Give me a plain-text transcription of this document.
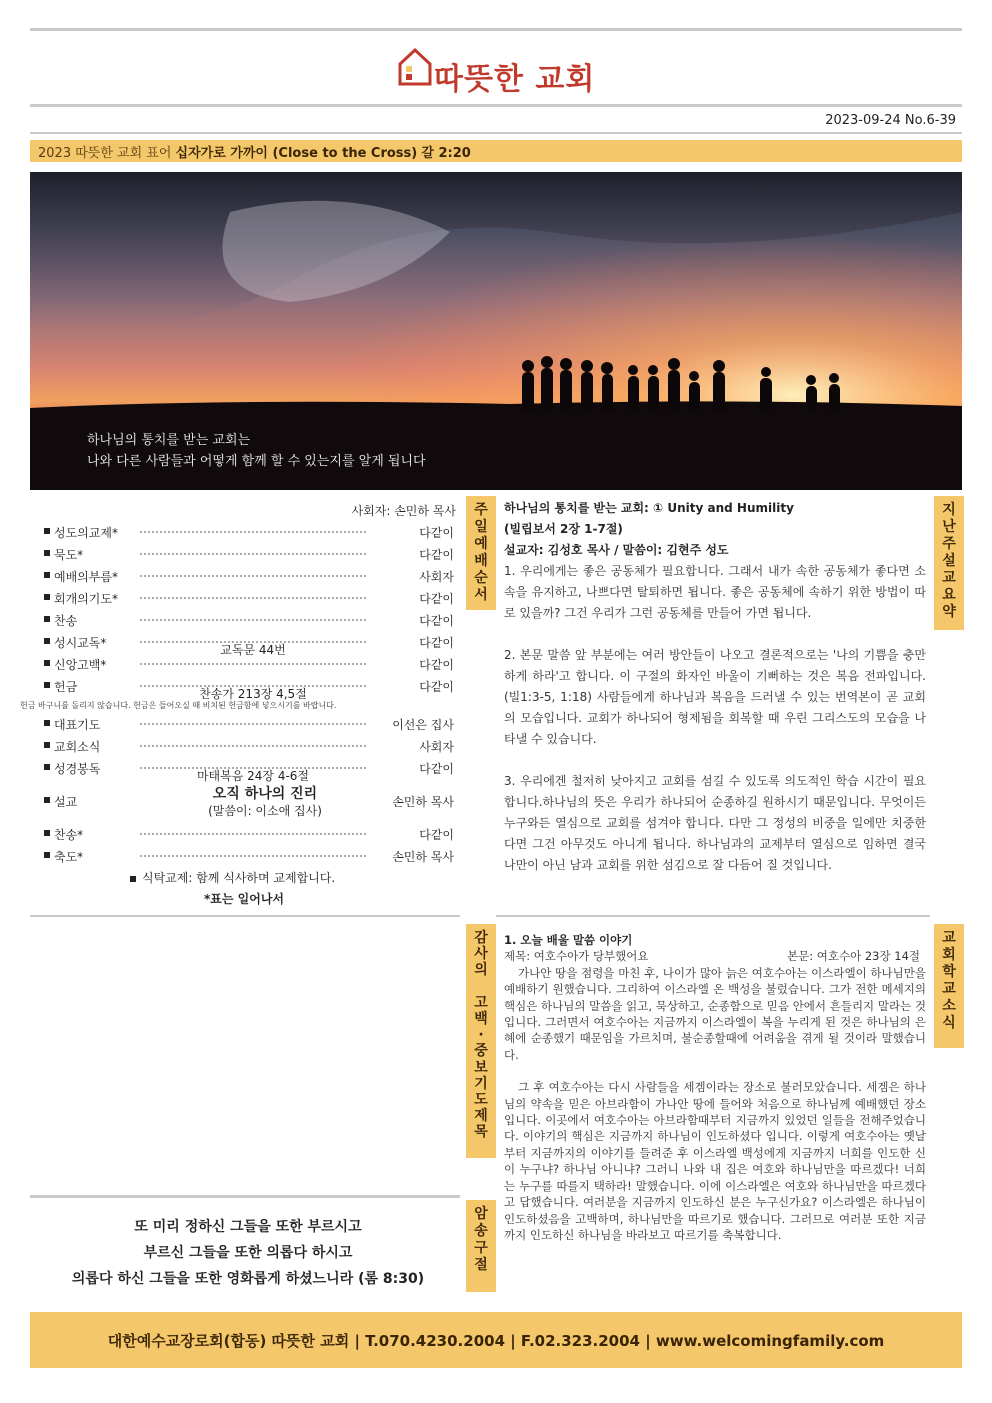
따뜻한 교회
2023-09-24 No.6-39
2023 따뜻한 교회 표어 십자가로 가까이 (Close to the Cross) 갈 2:20
하나님의 통치를 받는 교회는
나와 다른 사람들과 어떻게 함께 할 수 있는지를 알게 됩니다
사회자: 손민하 목사
성도의교제*	다같이
묵도*	다같이
예배의부름*	사회자
회개의기도*	다같이
찬송	다같이
성시교독*	교독문 44번	다같이
신앙고백*	다같이
헌금	찬송가 213장 4,5절	다같이
대표기도	이선은 집사
교회소식	사회자
성경봉독	마태복음 24장 4-6절	다같이
설교	손민하 목사
찬송*	다같이
축도*	손민하 목사
헌금 바구니를 돌리지 않습니다. 헌금은 들어오실 때 비치된 헌금함에 넣으시기를 바랍니다.
오직 하나의 진리
(말씀이: 이소애 집사)
식탁교제: 함께 식사하며 교제합니다.
*표는 일어나서
주
일
예
배
순
서
하나님의 통치를 받는 교회: ① Unity and Humility
(빌립보서 2장 1-7절)
설교자: 김성호 목사 / 말씀이: 김현주 성도

1. 우리에게는 좋은 공동체가 필요합니다. 그래서 내가 속한 공동체가 좋다면 소속을 유지하고, 나쁘다면 탈퇴하면 됩니다. 좋은 공동체에 속하기 위한 방법이 따로 있을까? 그건 우리가 그런 공동체를 만들어 가면 됩니다.

2. 본문 말씀 앞 부분에는 여러 방안들이 나오고 결론적으로는 '나의 기쁨을 충만하게 하라'고 합니다. 이 구절의 화자인 바울이 기뻐하는 것은 복음 전파입니다.(빌1:3-5, 1:18) 사람들에게 하나님과 복음을 드러낼 수 있는 번역본이 곧 교회의 모습입니다. 교회가 하나되어 형제됨을 회복할 때 우린 그리스도의 모습을 나타낼 수 있습니다.

3. 우리에겐 철저히 낮아지고 교회를 섬길 수 있도록 의도적인 학습 시간이 필요합니다.하나님의 뜻은 우리가 하나되어 순종하길 원하시기 때문입니다. 무엇이든 누구와든 열심으로 교회를 섬겨야 합니다. 다만 그 정성의 비중을 일에만 치중한다면 그건 아무것도 아니게 됩니다. 하나님과의 교제부터 열심으로 임하면 결국 나만이 아닌 남과 교회를 위한 섬김으로 잘 다듬어 질 것입니다.

지
난
주
설
교
요
약
감
사
의

고
백
·
중
보
기
도
제
목
1. 오늘 배울 말씀 이야기
제목: 여호수아가 당부했어요	본문: 여호수아 23장 14절

가나안 땅을 점령을 마친 후, 나이가 많아 늙은 여호수아는 이스라엘이 하나님만을 예배하기 원했습니다. 그리하여 이스라엘 온 백성을 불렀습니다. 그가 전한 메세지의 핵심은 하나님의 말씀을 읽고, 묵상하고, 순종함으로 믿음 안에서 흔들리지 말라는 것입니다. 그러면서 여호수아는 지금까지 이스라엘이 복을 누리게 된 것은 하나님의 은혜에 순종했기 때문임을 가르치며, 불순종할때에 어려움을 겪게 될 것이라 말했습니다.

그 후 여호수아는 다시 사람들을 세겜이라는 장소로 불러모았습니다. 세겜은 하나님의 약속을 믿은 아브라함이 가나안 땅에 들어와 처음으로 하나님께 예배했던 장소입니다. 이곳에서 여호수아는 아브라함때부터 지금까지 있었던 일들을 전해주었습니다. 이야기의 핵심은 지금까지 하나님이 인도하셨다 입니다. 이렇게 여호수아는 옛날부터 지금까지의 이야기를 들려준 후 이스라엘 백성에게 지금까지 너희를 인도한 신이 누구냐? 하나님 아니냐? 그러니 나와 내 집은 여호와 하나님만을 따르겠다! 너희는 누구를 따를지 택하라! 말했습니다. 이에 이스라엘은 여호와 하나님만을 따르겠다고 답했습니다. 여러분을 지금까지 인도하신 분은 누구신가요? 이스라엘은 하나님이 인도하셨음을 고백하며, 하나님만을 따르기로 했습니다. 그러므로 여러분 또한 지금까지 인도하신 하나님을 바라보고 따르기를 축복합니다.

교
회
학
교
소
식
암
송
구
절
또 미리 정하신 그들을 또한 부르시고
부르신 그들을 또한 의롭다 하시고
의롭다 하신 그들을 또한 영화롭게 하셨느니라 (롬 8:30)
대한예수교장로회(합동) 따뜻한 교회 | T.070.4230.2004 | F.02.323.2004 | www.welcomingfamily.com
